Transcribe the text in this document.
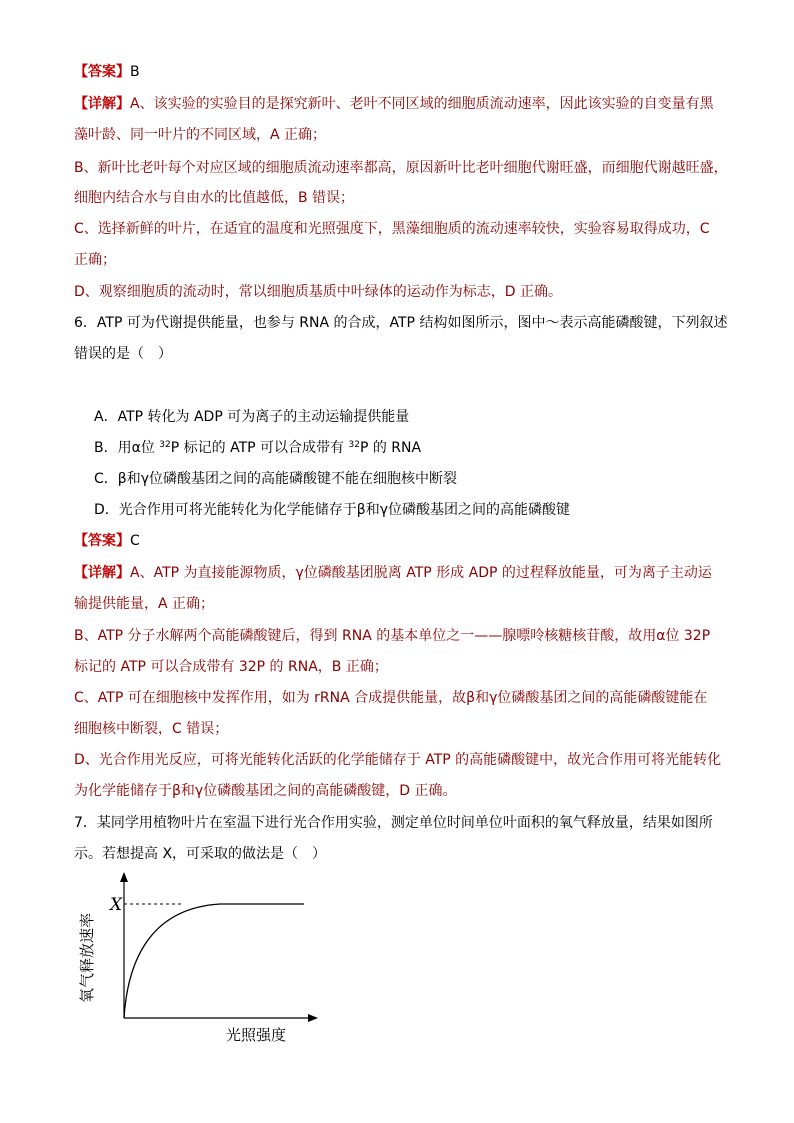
【答案】B
【详解】A、该实验的实验目的是探究新叶、老叶不同区域的细胞质流动速率，因此该实验的自变量有黑
藻叶龄、同一叶片的不同区域，A 正确；
B、新叶比老叶每个对应区域的细胞质流动速率都高，原因新叶比老叶细胞代谢旺盛，而细胞代谢越旺盛，
细胞内结合水与自由水的比值越低，B 错误；
C、选择新鲜的叶片，在适宜的温度和光照强度下，黑藻细胞质的流动速率较快，实验容易取得成功，C
正确；
D、观察细胞质的流动时，常以细胞质基质中叶绿体的运动作为标志，D 正确。
6．ATP 可为代谢提供能量，也参与 RNA 的合成，ATP 结构如图所示，图中～表示高能磷酸键，下列叙述
错误的是（　）
A．ATP 转化为 ADP 可为离子的主动运输提供能量
B．用α位 $^{32}$P 标记的 ATP 可以合成带有 $^{32}$P 的 RNA
C．β和γ位磷酸基团之间的高能磷酸键不能在细胞核中断裂
D．光合作用可将光能转化为化学能储存于β和γ位磷酸基团之间的高能磷酸键
【答案】C
【详解】A、ATP 为直接能源物质，γ位磷酸基团脱离 ATP 形成 ADP 的过程释放能量，可为离子主动运
输提供能量，A 正确；
B、ATP 分子水解两个高能磷酸键后，得到 RNA 的基本单位之一——腺嘌呤核糖核苷酸，故用α位 32P
标记的 ATP 可以合成带有 32P 的 RNA，B 正确；
C、ATP 可在细胞核中发挥作用，如为 rRNA 合成提供能量，故β和γ位磷酸基团之间的高能磷酸键能在
细胞核中断裂，C 错误；
D、光合作用光反应，可将光能转化活跃的化学能储存于 ATP 的高能磷酸键中，故光合作用可将光能转化
为化学能储存于β和γ位磷酸基团之间的高能磷酸键，D 正确。
7．某同学用植物叶片在室温下进行光合作用实验，测定单位时间单位叶面积的氧气释放量，结果如图所
示。若想提高 X，可采取的做法是（　）
X
氧气释放速率
光照强度
